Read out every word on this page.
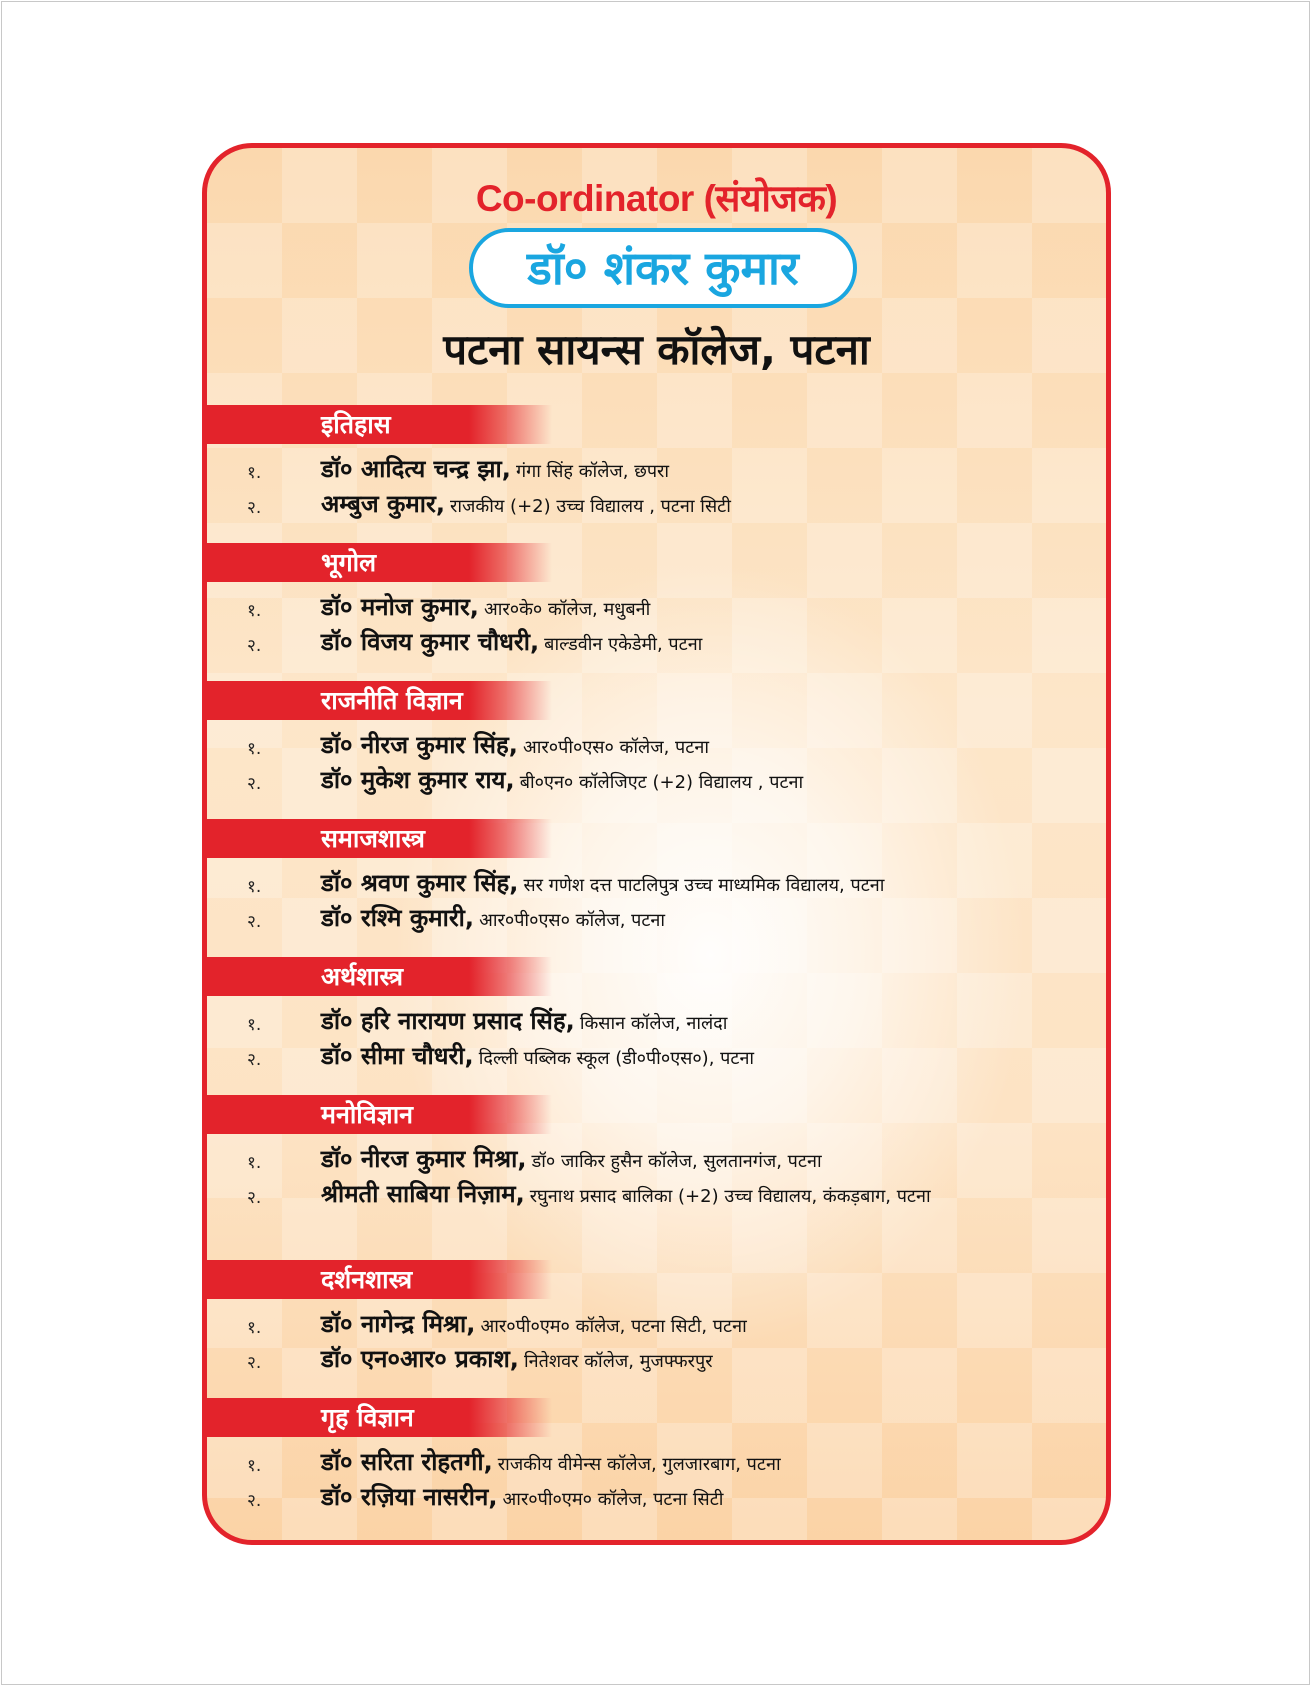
Co-ordinator (संयोजक)
डॉ० शंकर कुमार
पटना सायन्स कॉलेज, पटना
इतिहास
१. डॉ० आदित्य चन्द्र झा, गंगा सिंह कॉलेज, छपरा
२. अम्बुज कुमार, राजकीय (+2) उच्च विद्यालय , पटना सिटी
भूगोल
१. डॉ० मनोज कुमार, आर०के० कॉलेज, मधुबनी
२. डॉ० विजय कुमार चौधरी, बाल्डवीन एकेडेमी, पटना
राजनीति विज्ञान
१. डॉ० नीरज कुमार सिंह, आर०पी०एस० कॉलेज, पटना
२. डॉ० मुकेश कुमार राय, बी०एन० कॉलेजिएट (+2) विद्यालय , पटना
समाजशास्त्र
१. डॉ० श्रवण कुमार सिंह, सर गणेश दत्त पाटलिपुत्र उच्च माध्यमिक विद्यालय, पटना
२. डॉ० रश्मि कुमारी, आर०पी०एस० कॉलेज, पटना
अर्थशास्त्र
१. डॉ० हरि नारायण प्रसाद सिंह, किसान कॉलेज, नालंदा
२. डॉ० सीमा चौधरी, दिल्ली पब्लिक स्कूल (डी०पी०एस०), पटना
मनोविज्ञान
१. डॉ० नीरज कुमार मिश्रा, डॉ० जाकिर हुसैन कॉलेज, सुलतानगंज, पटना
२. श्रीमती साबिया निज़ाम, रघुनाथ प्रसाद बालिका (+2) उच्च विद्यालय, कंकड़बाग, पटना
दर्शनशास्त्र
१. डॉ० नागेन्द्र मिश्रा, आर०पी०एम० कॉलेज, पटना सिटी, पटना
२. डॉ० एन०आर० प्रकाश, नितेशवर कॉलेज, मुजफ्फरपुर
गृह विज्ञान
१. डॉ० सरिता रोहतगी, राजकीय वीमेन्स कॉलेज, गुलजारबाग, पटना
२. डॉ० रज़िया नासरीन, आर०पी०एम० कॉलेज, पटना सिटी
